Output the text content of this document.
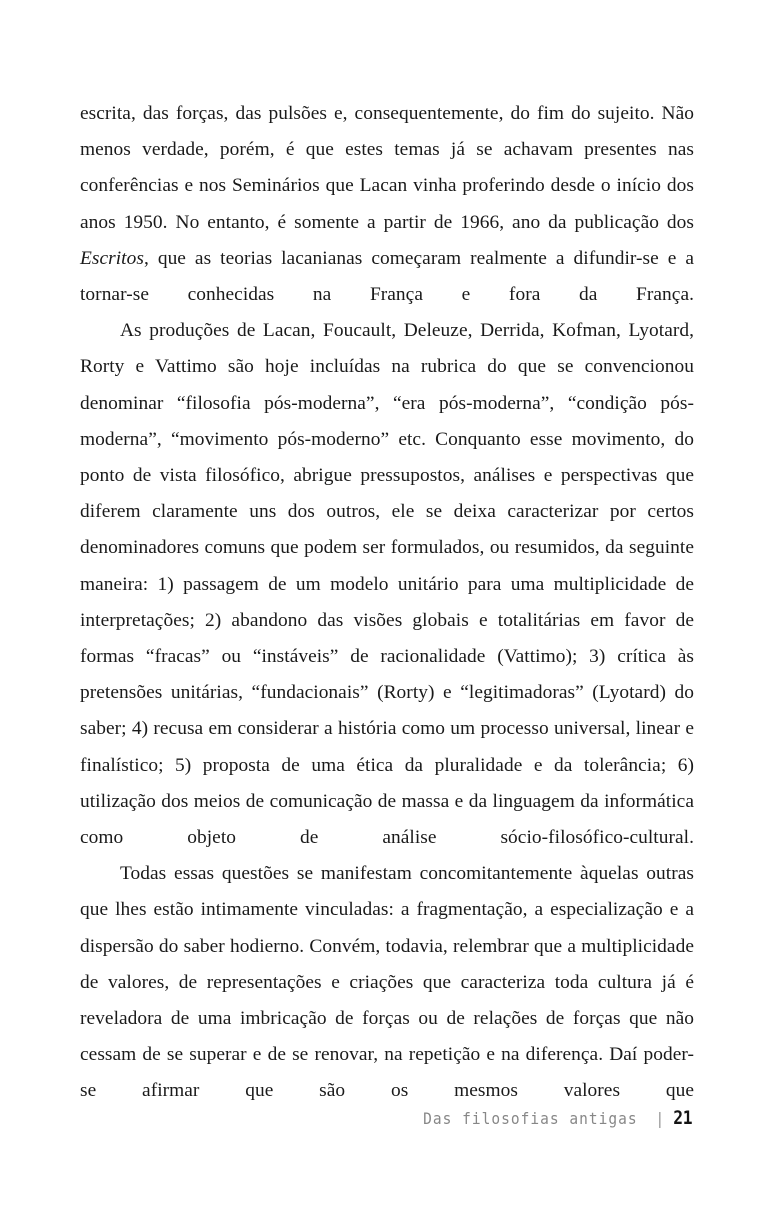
escrita, das forças, das pulsões e, consequentemente, do fim do sujeito. Não menos verdade, porém, é que estes temas já se achavam presentes nas conferências e nos Seminários que Lacan vinha proferindo desde o início dos anos 1950. No entanto, é somente a partir de 1966, ano da publicação dos Escritos, que as teorias lacanianas começaram realmente a difundir-se e a tornar-se conhecidas na França e fora da França.

As produções de Lacan, Foucault, Deleuze, Derrida, Kofman, Lyotard, Rorty e Vattimo são hoje incluídas na rubrica do que se convencionou denominar “filosofia pós-moderna”, “era pós-moderna”, “condição pós-moderna”, “movimento pós-moderno” etc. Conquanto esse movimento, do ponto de vista filosófico, abrigue pressupostos, análises e perspectivas que diferem claramente uns dos outros, ele se deixa caracterizar por certos denominadores comuns que podem ser formulados, ou resumidos, da seguinte maneira: 1) passagem de um modelo unitário para uma multiplicidade de interpretações; 2) abandono das visões globais e totalitárias em favor de formas “fracas” ou “instáveis” de racionalidade (Vattimo); 3) crítica às pretensões unitárias, “fundacionais” (Rorty) e “legitimadoras” (Lyotard) do saber; 4) recusa em considerar a história como um processo universal, linear e finalístico; 5) proposta de uma ética da pluralidade e da tolerância; 6) utilização dos meios de comunicação de massa e da linguagem da informática como objeto de análise sócio-filosófico-cultural.

Todas essas questões se manifestam concomitantemente àquelas outras que lhes estão intimamente vinculadas: a fragmentação, a especialização e a dispersão do saber hodierno. Convém, todavia, relembrar que a multiplicidade de valores, de representações e criações que caracteriza toda cultura já é reveladora de uma imbricação de forças ou de relações de forças que não cessam de se superar e de se renovar, na repetição e na diferença. Daí poder-se afirmar que são os mesmos valores que

Das filosofias antigas | 21
